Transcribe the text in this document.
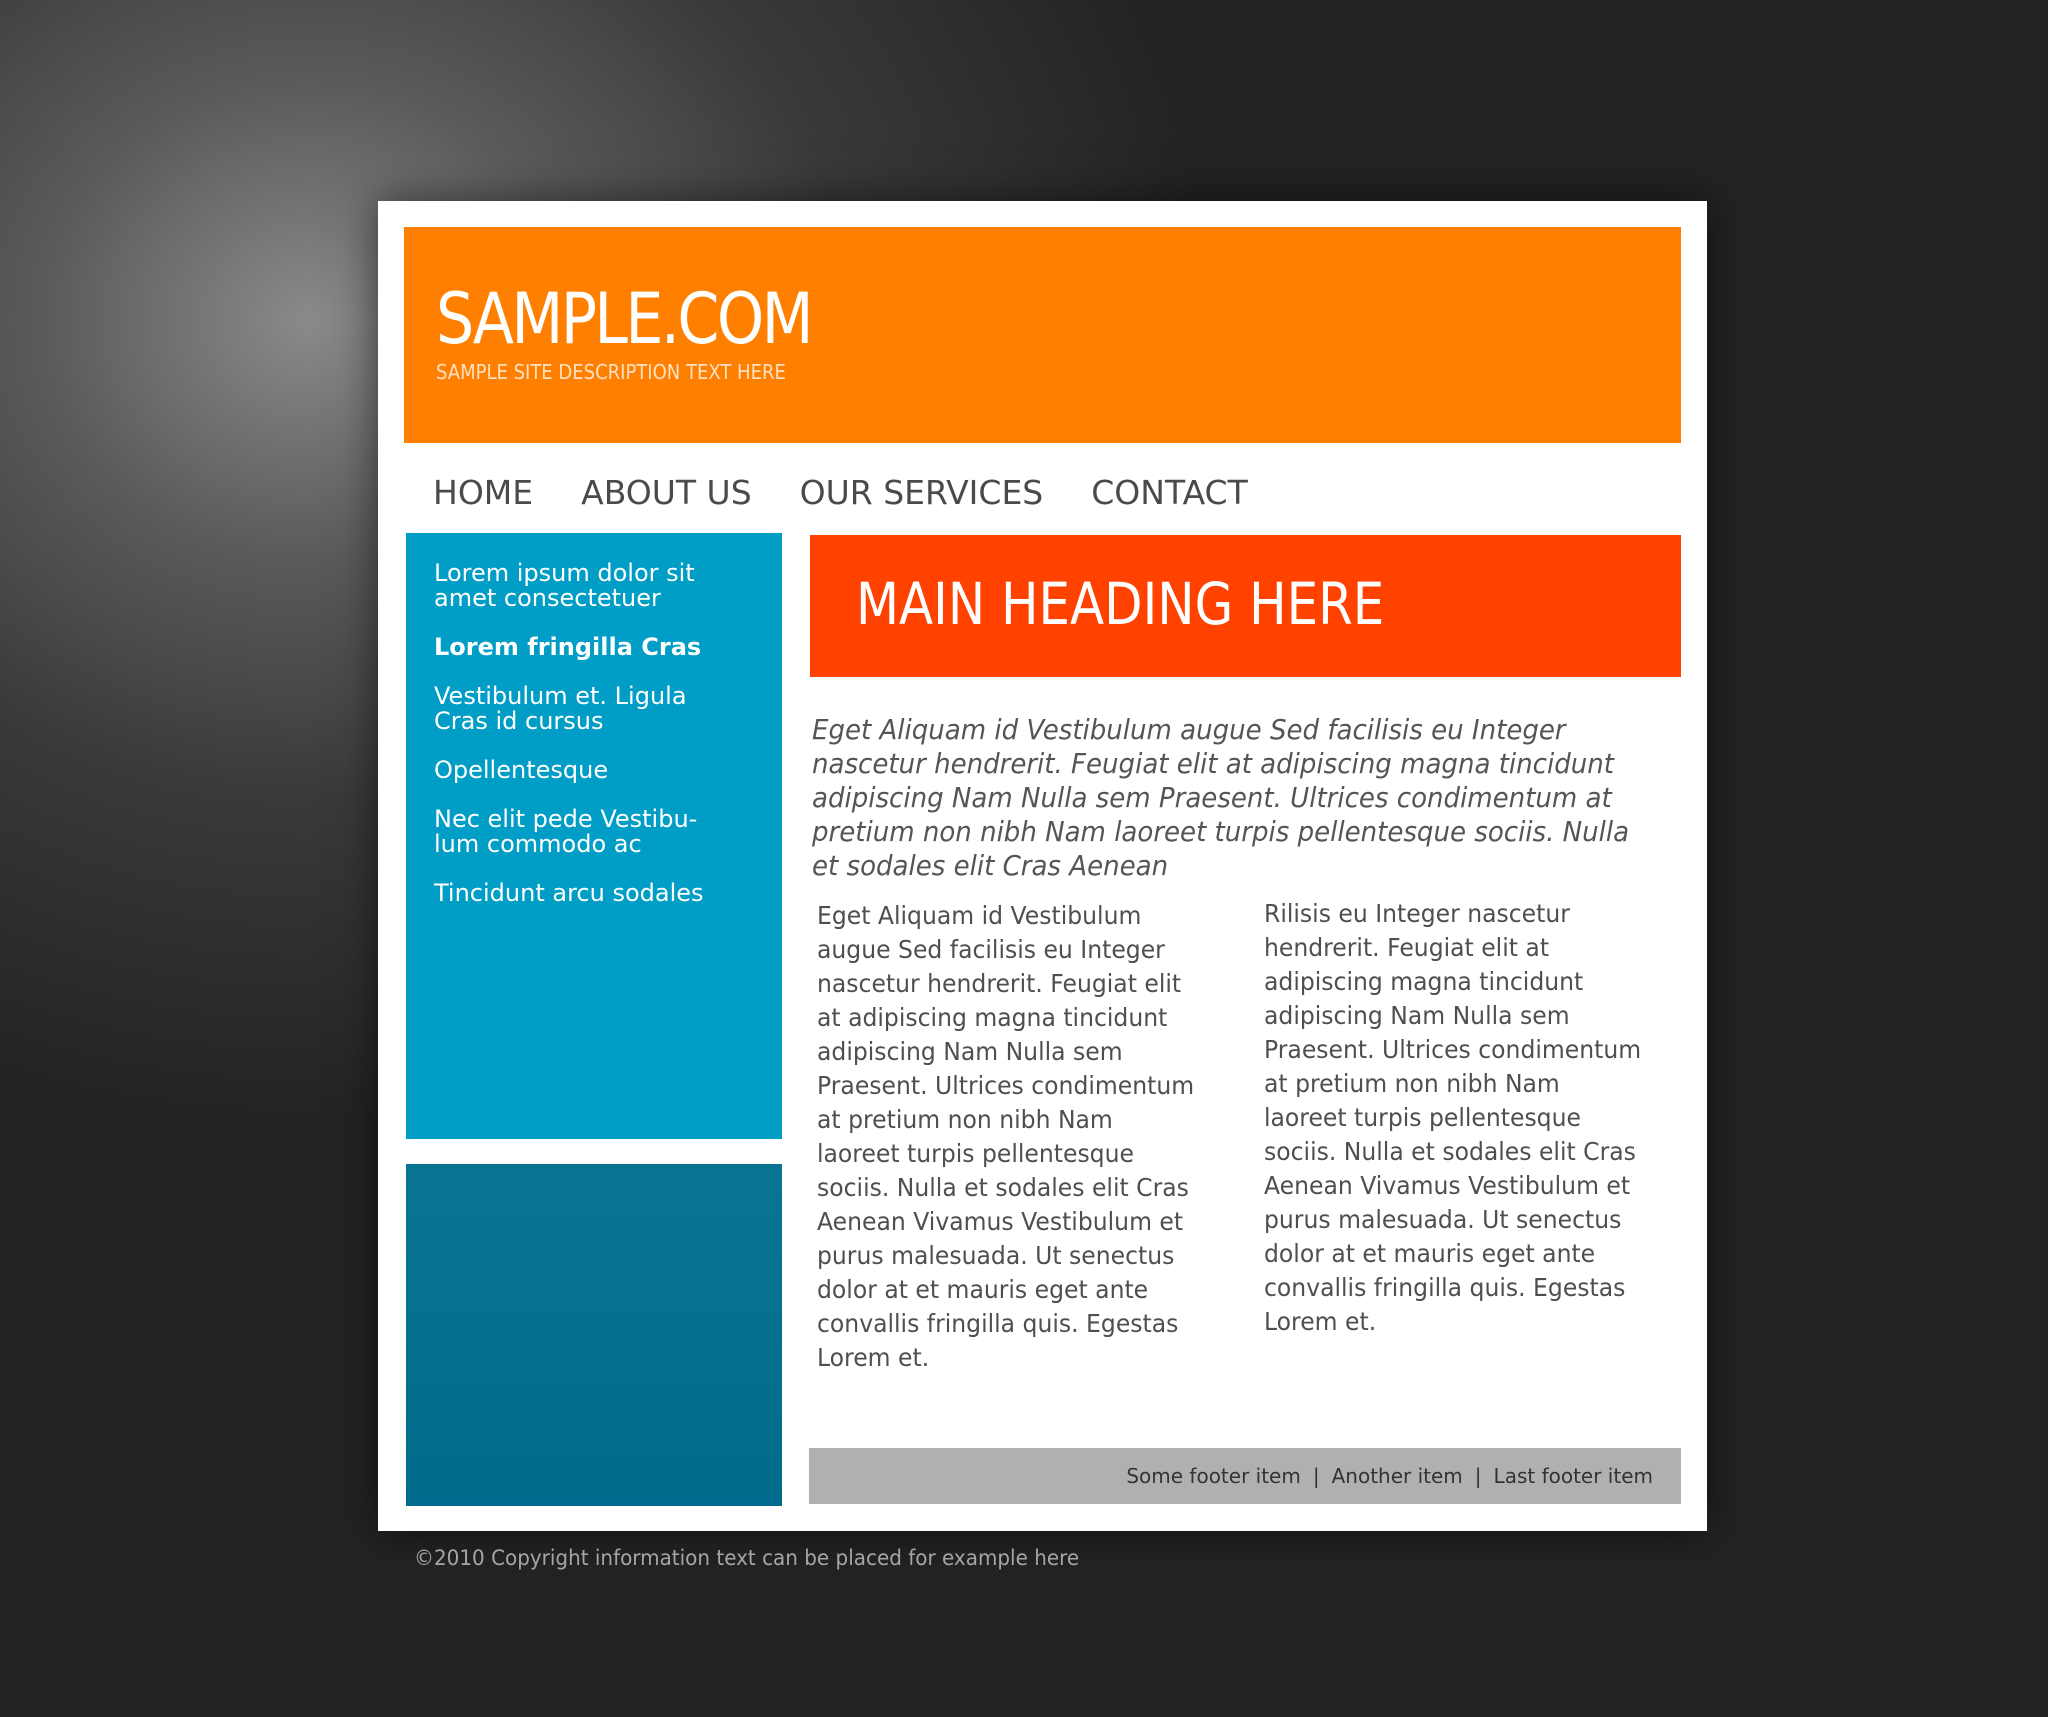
SAMPLE.COM
SAMPLE SITE DESCRIPTION TEXT HERE
HOME ABOUT US OUR SERVICES CONTACT
Lorem ipsum dolor sit amet consectetuer
Lorem fringilla Cras
Vestibulum et. Ligula Cras id cursus
Opellentesque
Nec elit pede Vestibu-lum commodo ac
Tincidunt arcu sodales
MAIN HEADING HERE

Eget Aliquam id Vestibulum augue Sed facilisis eu Integer nascetur hendrerit. Feugiat elit at adipiscing magna tincidunt adipiscing Nam Nulla sem Praesent. Ultrices condimentum at pretium non nibh Nam laoreet turpis pellentesque sociis. Nulla et sodales elit Cras Aenean

Eget Aliquam id Vestibulum augue Sed facilisis eu Integer nascetur hendrerit. Feugiat elit at adipiscing magna tincidunt adipiscing Nam Nulla sem Praesent. Ultrices condimentum at pretium non nibh Nam laoreet turpis pellentesque sociis. Nulla et sodales elit Cras Aenean Vivamus Vestibulum et purus malesuada. Ut senectus dolor at et mauris eget ante convallis fringilla quis. Egestas Lorem et.

Rilisis eu Integer nascetur hendrerit. Feugiat elit at adipiscing magna tincidunt adipiscing Nam Nulla sem Praesent. Ultrices condimentum at pretium non nibh Nam laoreet turpis pellentesque sociis. Nulla et sodales elit Cras Aenean Vivamus Vestibulum et purus malesuada. Ut senectus dolor at et mauris eget ante convallis fringilla quis. Egestas Lorem et.

Some footer item | Another item | Last footer item
©2010 Copyright information text can be placed for example here
